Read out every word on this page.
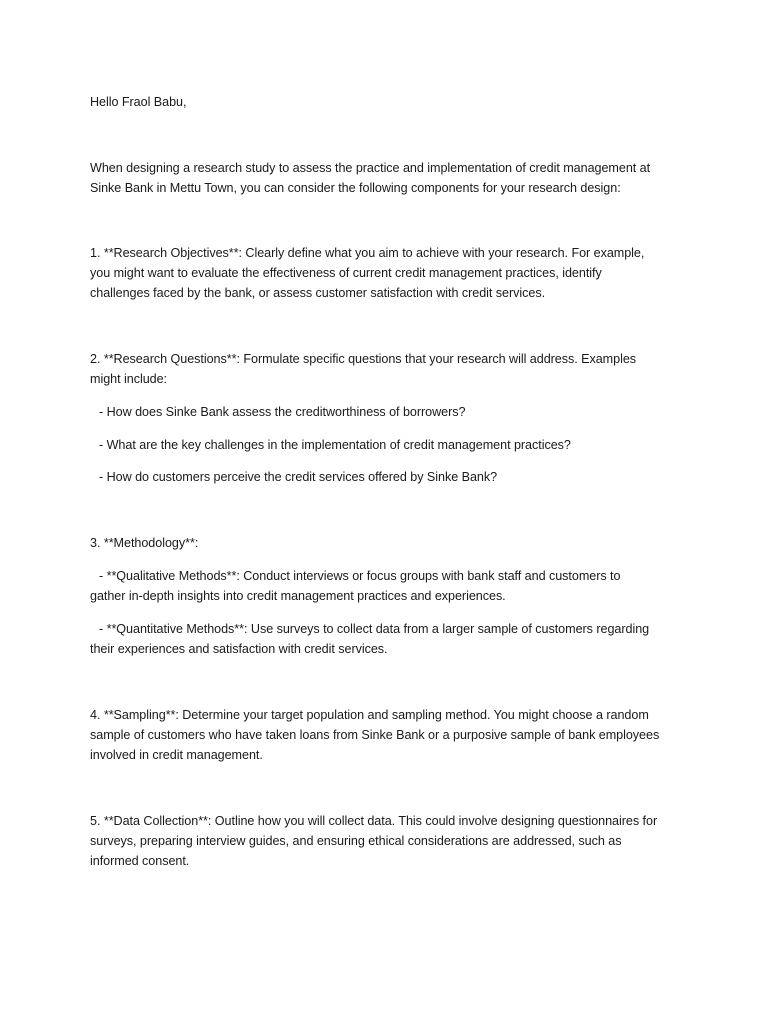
Hello Fraol Babu,
When designing a research study to assess the practice and implementation of credit management at
Sinke Bank in Mettu Town, you can consider the following components for your research design:
1. **Research Objectives**: Clearly define what you aim to achieve with your research. For example,
you might want to evaluate the effectiveness of current credit management practices, identify
challenges faced by the bank, or assess customer satisfaction with credit services.
2. **Research Questions**: Formulate specific questions that your research will address. Examples
might include:
- How does Sinke Bank assess the creditworthiness of borrowers?
- What are the key challenges in the implementation of credit management practices?
- How do customers perceive the credit services offered by Sinke Bank?
3. **Methodology**:
- **Qualitative Methods**: Conduct interviews or focus groups with bank staff and customers to
gather in-depth insights into credit management practices and experiences.
- **Quantitative Methods**: Use surveys to collect data from a larger sample of customers regarding
their experiences and satisfaction with credit services.
4. **Sampling**: Determine your target population and sampling method. You might choose a random
sample of customers who have taken loans from Sinke Bank or a purposive sample of bank employees
involved in credit management.
5. **Data Collection**: Outline how you will collect data. This could involve designing questionnaires for
surveys, preparing interview guides, and ensuring ethical considerations are addressed, such as
informed consent.
